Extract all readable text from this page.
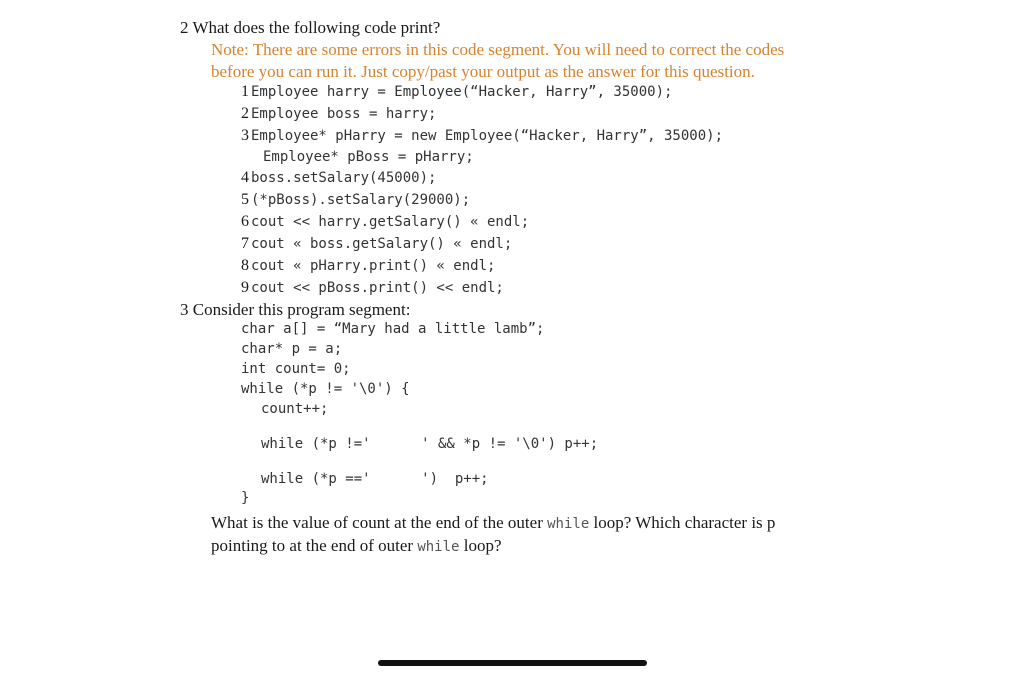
2 What does the following code print?
Note: There are some errors in this code segment. You will need to correct the codes
before you can run it. Just copy/past your output as the answer for this question.
1 Employee harry = Employee(“Hacker, Harry”, 35000);
2 Employee boss = harry;
3 Employee* pHarry = new Employee(“Hacker, Harry”, 35000);
Employee* pBoss = pHarry;
4 boss.setSalary(45000);
5 (*pBoss).setSalary(29000);
6 cout << harry.getSalary() « endl;
7 cout « boss.getSalary() « endl;
8 cout « pHarry.print() « endl;
9 cout << pBoss.print() << endl;
3 Consider this program segment:
char a[] = “Mary had a little lamb”;
char* p = a;
int count= 0;
while (*p != '\0') {
count++;
while (*p !='      ' && *p != '\0') p++;
while (*p =='      ')  p++;
}
What is the value of count at the end of the outer while loop? Which character is p
pointing to at the end of outer while loop?
